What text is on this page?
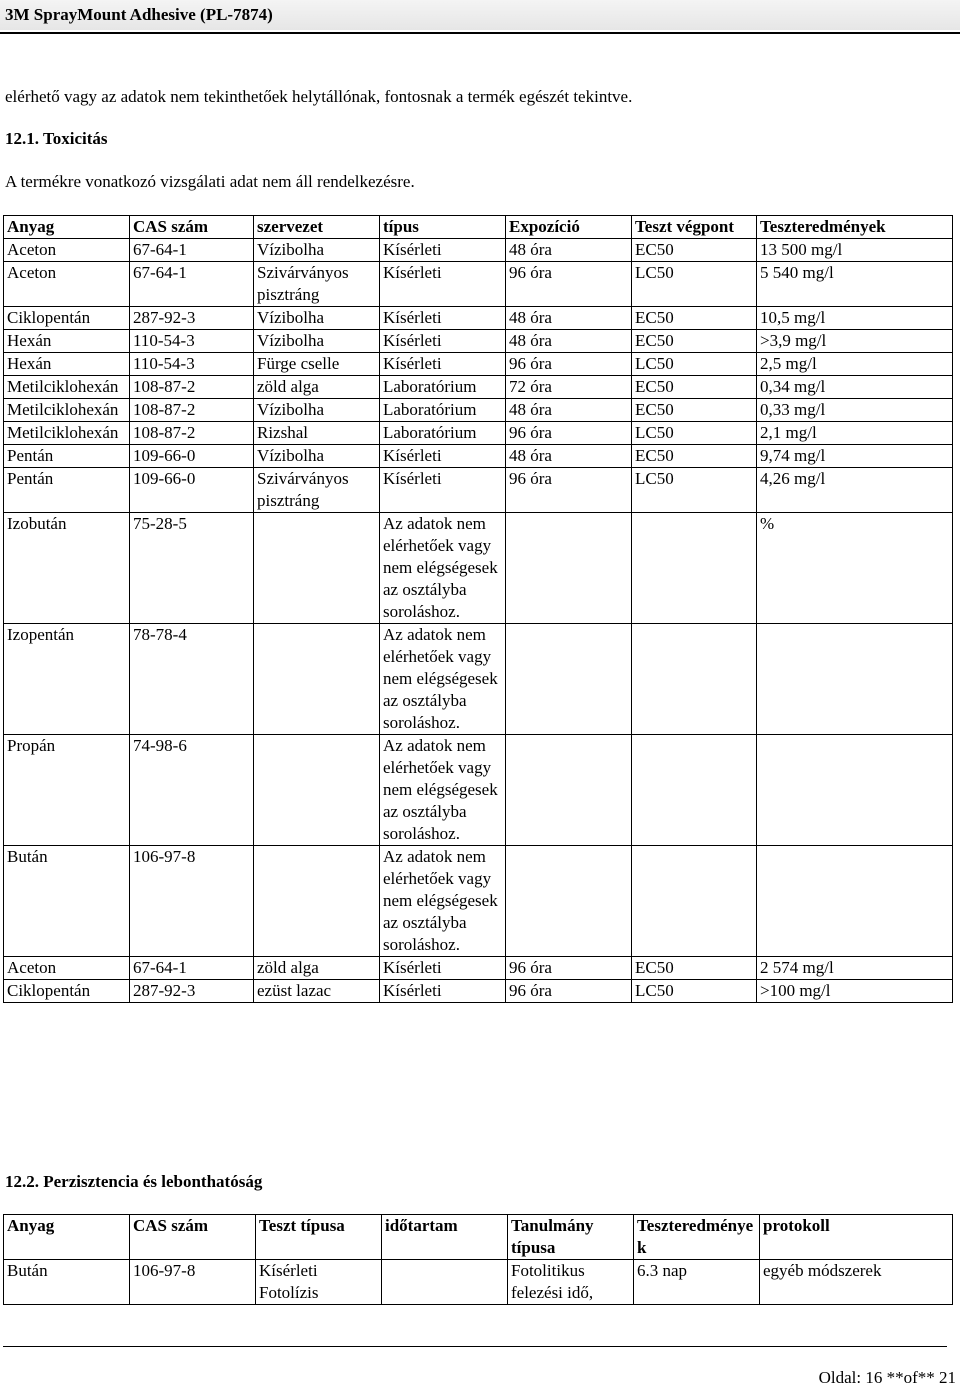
3M SprayMount Adhesive (PL-7874)
elérhető vagy az adatok nem tekinthetőek helytállónak, fontosnak a termék egészét tekintve.
12.1. Toxicitás
A termékre vonatkozó vizsgálati adat nem áll rendelkezésre.
Anyag	CAS szám	szervezet	típus	Expozíció	Teszt végpont	Teszteredmények
Aceton	67-64-1	Vízibolha	Kísérleti	48 óra	EC50	13 500 mg/l
Aceton	67-64-1	Szivárványos pisztráng	Kísérleti	96 óra	LC50	5 540 mg/l
Ciklopentán	287-92-3	Vízibolha	Kísérleti	48 óra	EC50	10,5 mg/l
Hexán	110-54-3	Vízibolha	Kísérleti	48 óra	EC50	>3,9 mg/l
Hexán	110-54-3	Fürge cselle	Kísérleti	96 óra	LC50	2,5 mg/l
Metilciklohexán	108-87-2	zöld alga	Laboratórium	72 óra	EC50	0,34 mg/l
Metilciklohexán	108-87-2	Vízibolha	Laboratórium	48 óra	EC50	0,33 mg/l
Metilciklohexán	108-87-2	Rizshal	Laboratórium	96 óra	LC50	2,1 mg/l
Pentán	109-66-0	Vízibolha	Kísérleti	48 óra	EC50	9,74 mg/l
Pentán	109-66-0	Szivárványos pisztráng	Kísérleti	96 óra	LC50	4,26 mg/l
Izobután	75-28-5		Az adatok nem elérhetőek vagy nem elégségesek az osztályba soroláshoz.			%
Izopentán	78-78-4		Az adatok nem elérhetőek vagy nem elégségesek az osztályba soroláshoz.			
Propán	74-98-6		Az adatok nem elérhetőek vagy nem elégségesek az osztályba soroláshoz.			
Bután	106-97-8		Az adatok nem elérhetőek vagy nem elégségesek az osztályba soroláshoz.			
Aceton	67-64-1	zöld alga	Kísérleti	96 óra	EC50	2 574 mg/l
Ciklopentán	287-92-3	ezüst lazac	Kísérleti	96 óra	LC50	>100 mg/l
12.2. Perzisztencia és lebonthatóság
Anyag	CAS szám	Teszt típusa	időtartam	Tanulmány típusa	Teszteredmények	protokoll
Bután	106-97-8	Kísérleti Fotolízis		Fotolitikus felezési idő,	6.3 nap	egyéb módszerek
Oldal: 16 **of** 21
